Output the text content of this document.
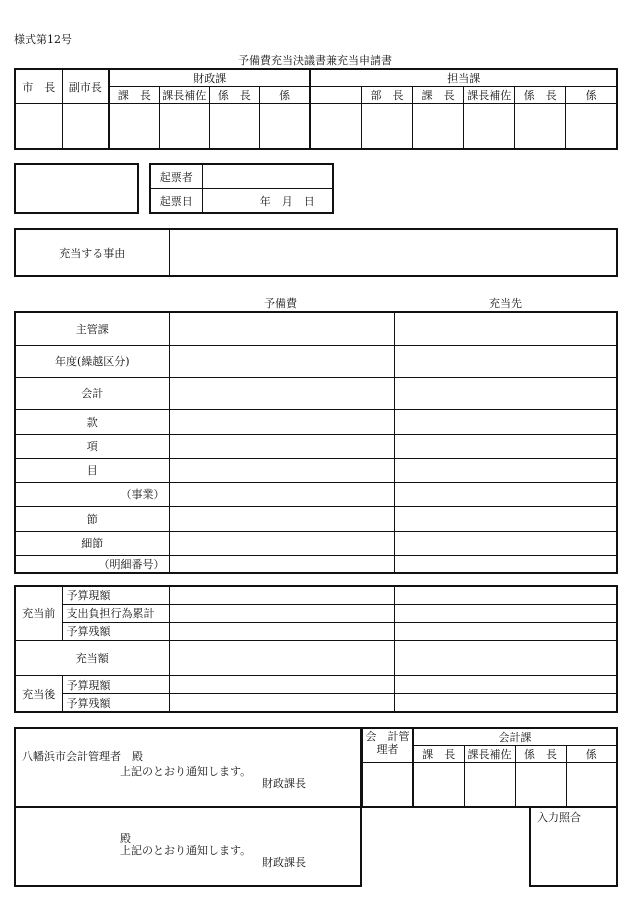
様式第12号
予備費充当決議書兼充当申請書
市　長	副市長	財政課				担当課					
		課　長	課長補佐	係　長	係		部　長	課　長	課長補佐	係　長	係

起票者	
起票日	年　月　日
充当する事由	
予備費	充当先
主管課		
年度(繰越区分)		
会計		
款		
項		
目		
（事業）		
節		
細節		
（明細番号）		
充当前	予算現額		
	支出負担行為累計		
	予算残額		
充当額			
充当後	予算現額		
	予算残額		
八幡浜市会計管理者　殿
上記のとおり通知します。
財政課長
殿
上記のとおり通知します。
財政課長
会　計管理者	会計課			
	課　長	課長補佐	係　長	係

入力照合
